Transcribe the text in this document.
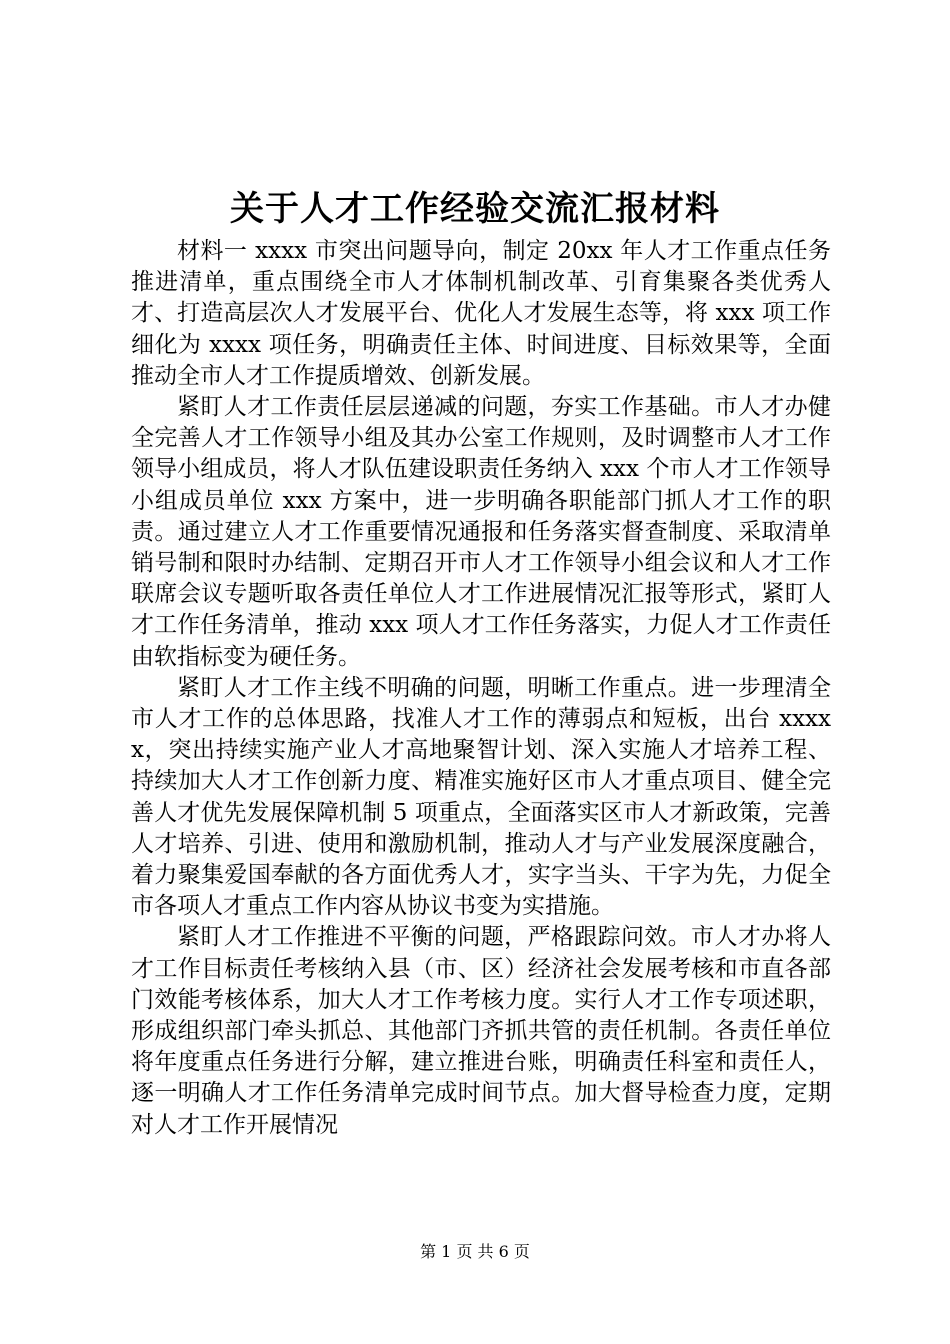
关于人才工作经验交流汇报材料

材料一 xxxx 市突出问题导向，制定 20xx 年人才工作重点任务推进清单，重点围绕全市人才体制机制改革、引育集聚各类优秀人才、打造高层次人才发展平台、优化人才发展生态等，将 xxx 项工作细化为 xxxx 项任务，明确责任主体、时间进度、目标效果等，全面推动全市人才工作提质增效、创新发展。

紧盯人才工作责任层层递减的问题，夯实工作基础。市人才办健全完善人才工作领导小组及其办公室工作规则，及时调整市人才工作领导小组成员，将人才队伍建设职责任务纳入 xxx 个市人才工作领导小组成员单位 xxx 方案中，进一步明确各职能部门抓人才工作的职责。通过建立人才工作重要情况通报和任务落实督查制度、采取清单销号制和限时办结制、定期召开市人才工作领导小组会议和人才工作联席会议专题听取各责任单位人才工作进展情况汇报等形式，紧盯人才工作任务清单，推动 xxx 项人才工作任务落实，力促人才工作责任由软指标变为硬任务。

紧盯人才工作主线不明确的问题，明晰工作重点。进一步理清全市人才工作的总体思路，找准人才工作的薄弱点和短板，出台 xxxxx，突出持续实施产业人才高地聚智计划、深入实施人才培养工程、持续加大人才工作创新力度、精准实施好区市人才重点项目、健全完善人才优先发展保障机制 5 项重点，全面落实区市人才新政策，完善人才培养、引进、使用和激励机制，推动人才与产业发展深度融合，着力聚集爱国奉献的各方面优秀人才，实字当头、干字为先，力促全市各项人才重点工作内容从协议书变为实措施。

紧盯人才工作推进不平衡的问题，严格跟踪问效。市人才办将人才工作目标责任考核纳入县（市、区）经济社会发展考核和市直各部门效能考核体系，加大人才工作考核力度。实行人才工作专项述职，形成组织部门牵头抓总、其他部门齐抓共管的责任机制。各责任单位将年度重点任务进行分解，建立推进台账，明确责任科室和责任人，逐一明确人才工作任务清单完成时间节点。加大督导检查力度，定期对人才工作开展情况

第 1 页 共 6 页
